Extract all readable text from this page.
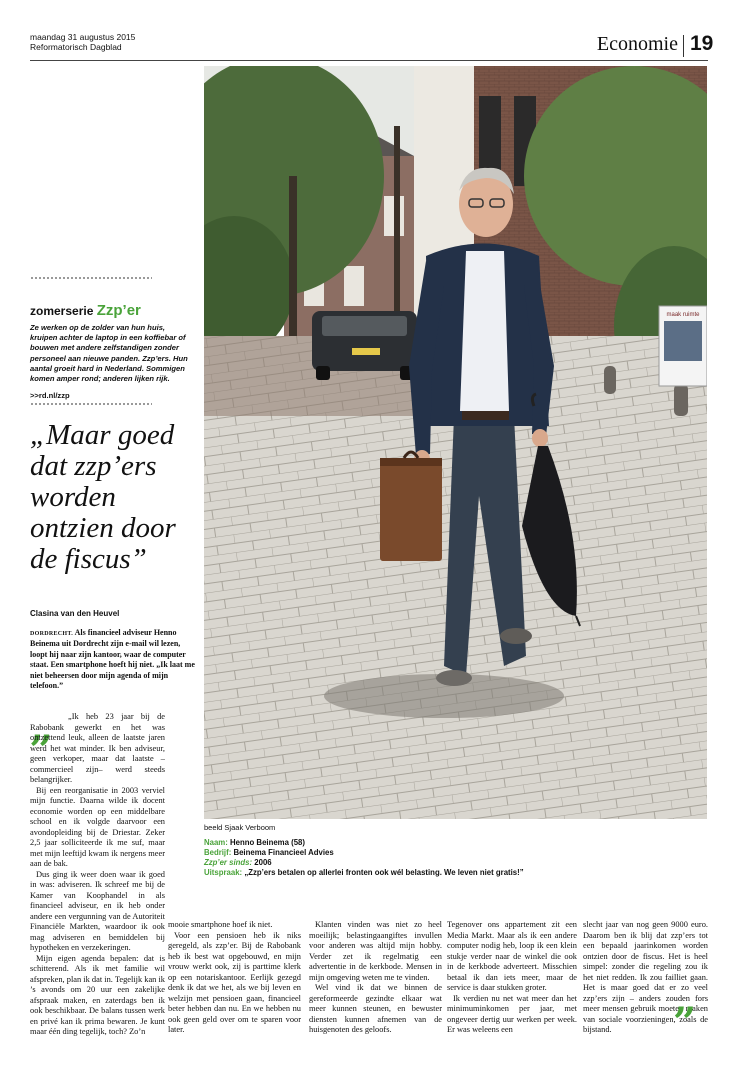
maandag 31 augustus 2015
Reformatorisch Dagblad	Economie 19
zomerserie Zzp’er
Ze werken op de zolder van hun huis, kruipen achter de laptop in een koffiebar of bouwen met andere zelfstandigen zonder personeel aan nieuwe panden. Zzp’ers. Hun aantal groeit hard in Nederland. Sommigen komen amper rond; anderen lijken rijk.
>>rd.nl/zzp
„Maar goed dat zzp’ers worden ontzien door de fiscus”
Clasina van den Heuvel
DORDRECHT. Als financieel adviseur Henno Beinema uit Dordrecht zijn e-mail wil lezen, loopt hij naar zijn kantoor, waar de computer staat. Een smartphone hoeft hij niet. „Ik laat me niet beheersen door mijn agenda of mijn telefoon.”
„	„Ik heb 23 jaar bij de Rabobank gewerkt en het was ontzettend leuk, alleen de laatste jaren werd het wat minder. Ik ben adviseur, geen verkoper, maar dat laatste –commercieel zijn– werd steeds belangrijker.

Bij een reorganisatie in 2003 verviel mijn functie. Daarna wilde ik docent economie worden op een middelbare school en ik volgde daarvoor een avondopleiding bij de Driestar. Zeker 2,5 jaar solliciteerde ik me suf, maar met mijn leeftijd kwam ik nergens meer aan de bak.

Dus ging ik weer doen waar ik goed in was: adviseren. Ik schreef me bij de Kamer van Koophandel in als financieel adviseur, en ik heb onder andere een vergunning van de Autoriteit Financiële Markten, waardoor ik ook mag adviseren en bemiddelen bij hypotheken en verzekeringen.

Mijn eigen agenda bepalen: dat is schitterend. Als ik met familie wil afspreken, plan ik dat in. Tegelijk kan ik ’s avonds om 20 uur een zakelijke afspraak maken, en zaterdags ben ik ook beschikbaar. De balans tussen werk en privé kan ik prima bewaren. Je kunt maar één ding tegelijk, toch? Zo’n

maak ruimte
beeld Sjaak Verboom
Naam: Henno Beinema (58)
Bedrijf: Beinema Financieel Advies
Zzp’er sinds: 2006
Uitspraak: „Zzp’ers betalen op allerlei fronten ook wél belasting. We leven niet gratis!”

mooie smartphone hoef ik niet.

Voor een pensioen heb ik niks geregeld, als zzp’er. Bij de Rabobank heb ik best wat opgebouwd, en mijn vrouw werkt ook, zij is parttime klerk op een notariskantoor. Eerlijk gezegd denk ik dat we het, als we bij leven en welzijn met pensioen gaan, financieel beter hebben dan nu. En we hebben nu ook geen geld over om te sparen voor later.

Klanten vinden was niet zo heel moeilijk; belastingaangiftes invullen voor anderen was altijd mijn hobby. Verder zet ik regelmatig een advertentie in de kerkbode. Mensen in mijn omgeving weten me te vinden.

Wel vind ik dat we binnen de gereformeerde gezindte elkaar wat meer kunnen steunen, en bewuster diensten kunnen afnemen van de huisgenoten des geloofs.

Tegenover ons appartement zit een Media Markt. Maar als ik een andere computer nodig heb, loop ik een klein stukje verder naar de winkel die ook in de kerkbode adverteert. Misschien betaal ik dan iets meer, maar de service is daar stukken groter.

Ik verdien nu net wat meer dan het minimuminkomen per jaar, met ongeveer dertig uur werken per week. Er was weleens een

slecht jaar van nog geen 9000 euro. Daarom ben ik blij dat zzp’ers tot een bepaald jaarinkomen worden ontzien door de fiscus. Het is heel simpel: zonder die regeling zou ik het niet redden. Ik zou failliet gaan. Het is maar goed dat er zo veel zzp’ers zijn – anders zouden fors meer mensen gebruik moeten maken van sociale voorzieningen, zoals de bijstand.	”
